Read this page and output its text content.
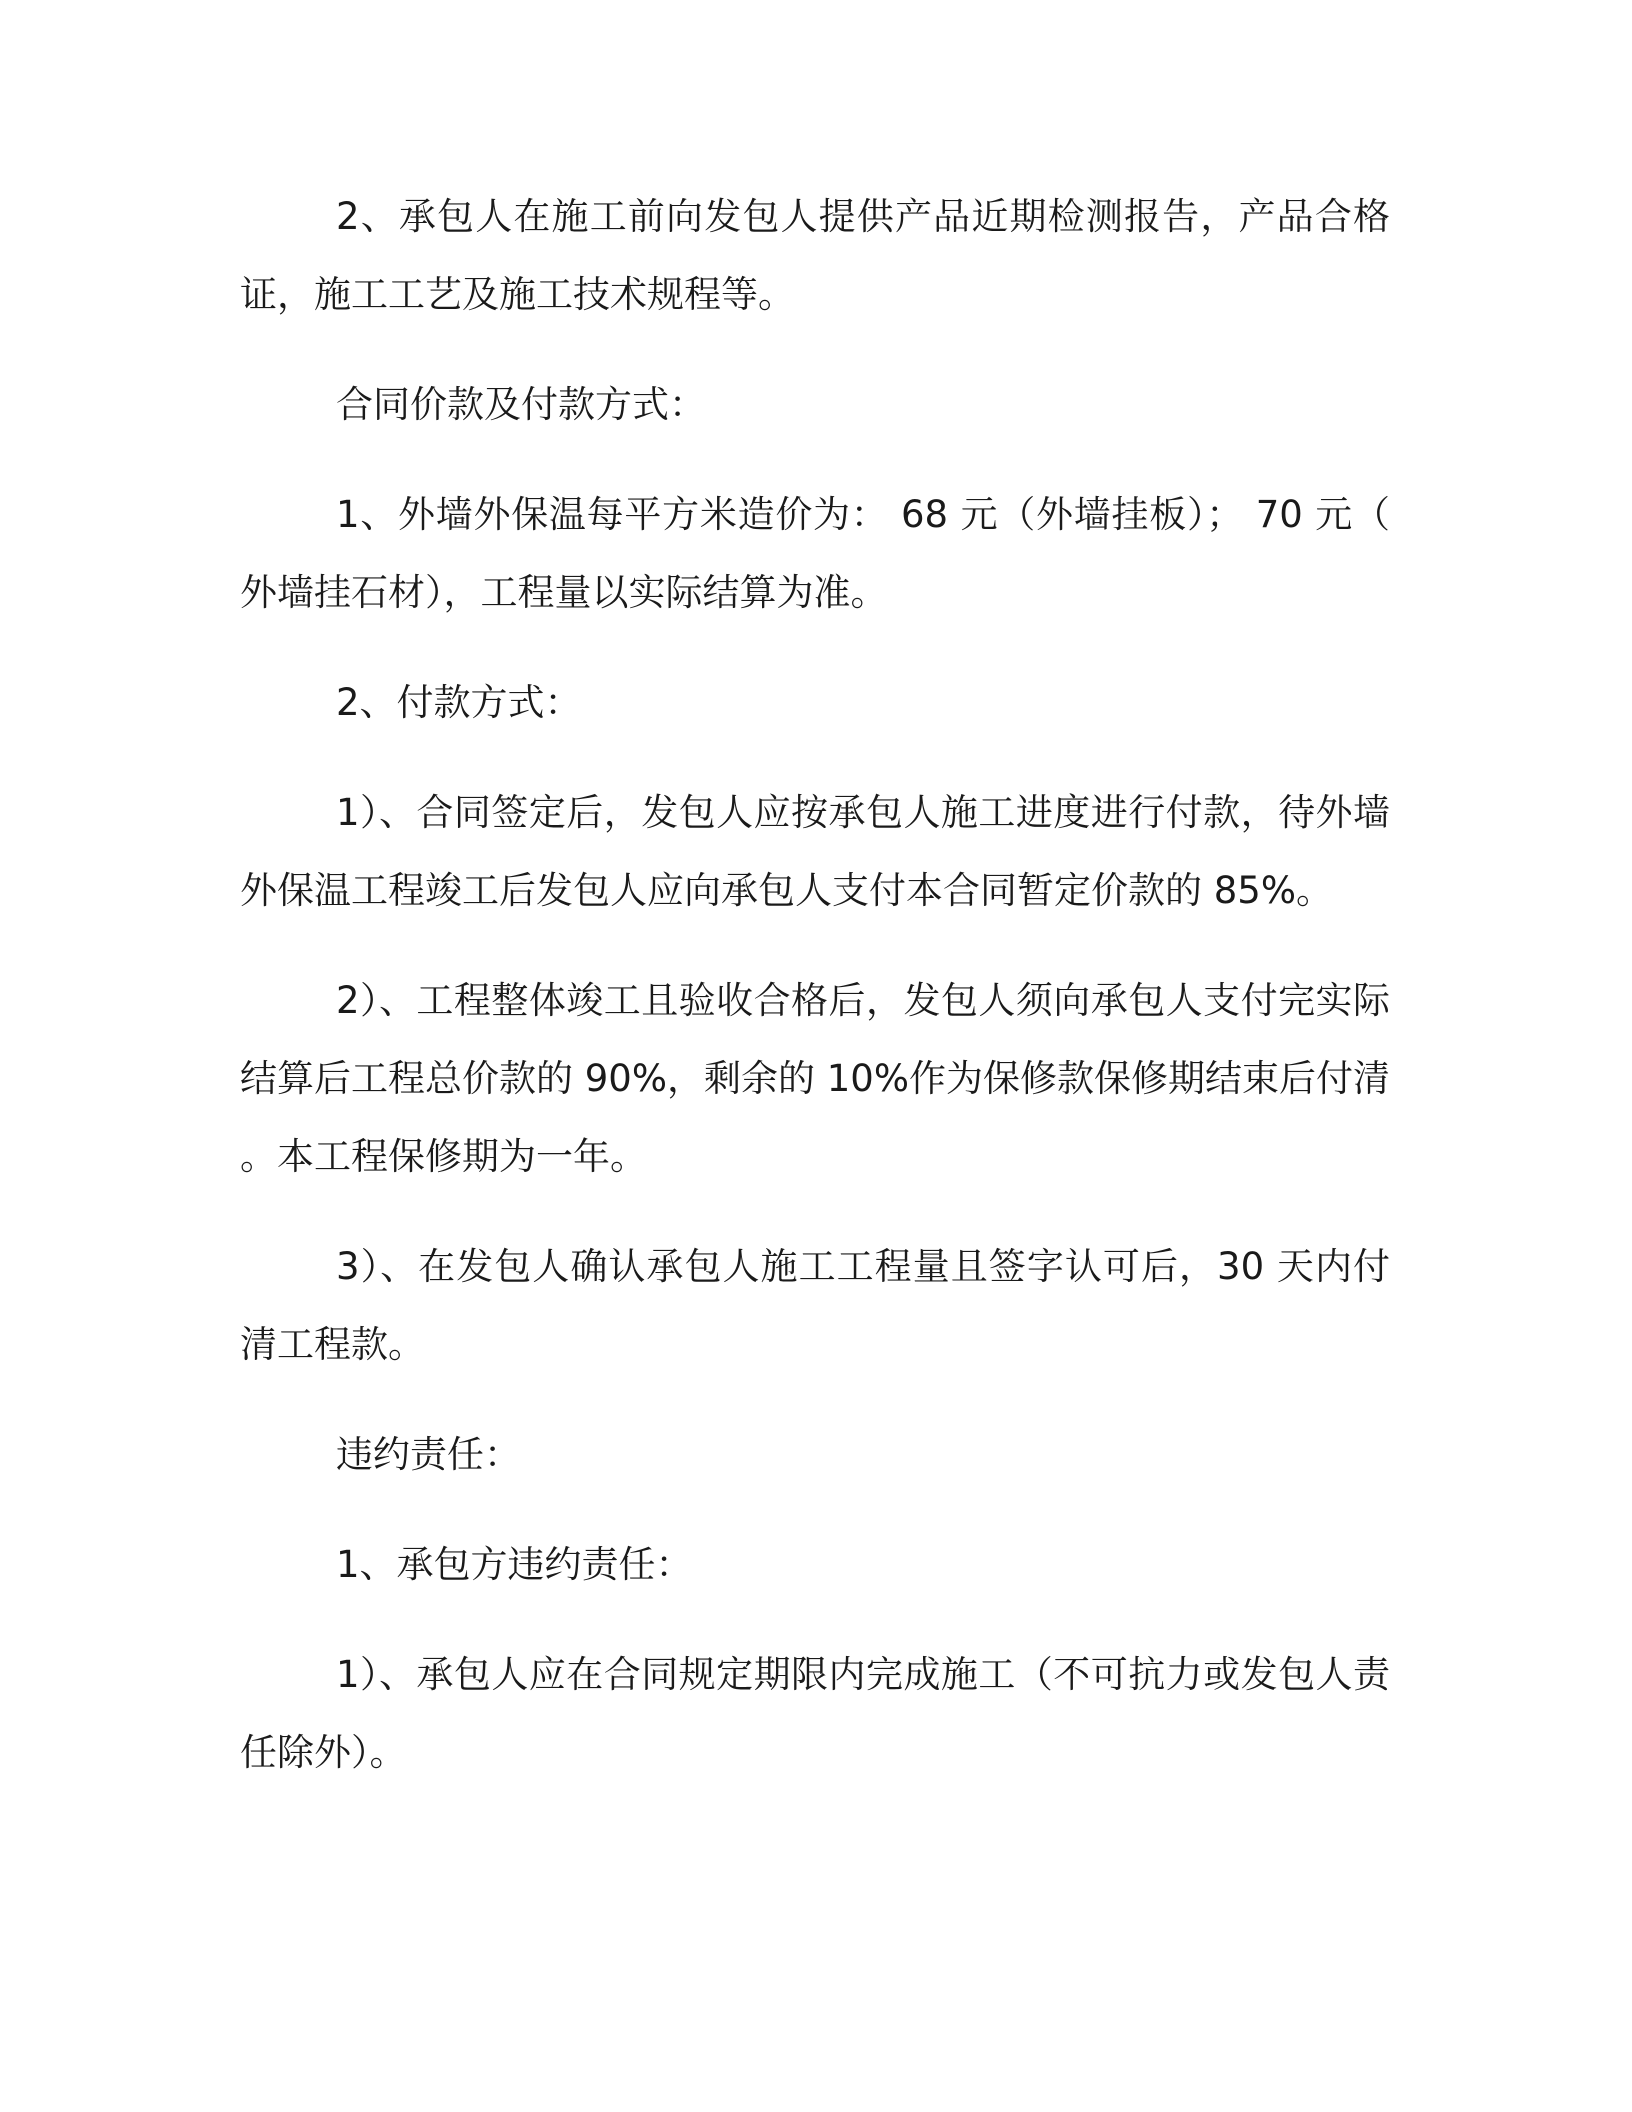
2、承包人在施工前向发包人提供产品近期检测报告，产品合格证，施工工艺及施工技术规程等。

合同价款及付款方式：

1、外墙外保温每平方米造价为： 68 元（外墙挂板）； 70 元（外墙挂石材），工程量以实际结算为准。

2、付款方式：

1）、合同签定后，发包人应按承包人施工进度进行付款，待外墙外保温工程竣工后发包人应向承包人支付本合同暂定价款的 85%。

2）、工程整体竣工且验收合格后，发包人须向承包人支付完实际结算后工程总价款的 90%，剩余的 10%作为保修款保修期结束后付清。本工程保修期为一年。

3）、在发包人确认承包人施工工程量且签字认可后，30 天内付清工程款。

违约责任：

1、承包方违约责任：

1）、承包人应在合同规定期限内完成施工（不可抗力或发包人责任除外）。
